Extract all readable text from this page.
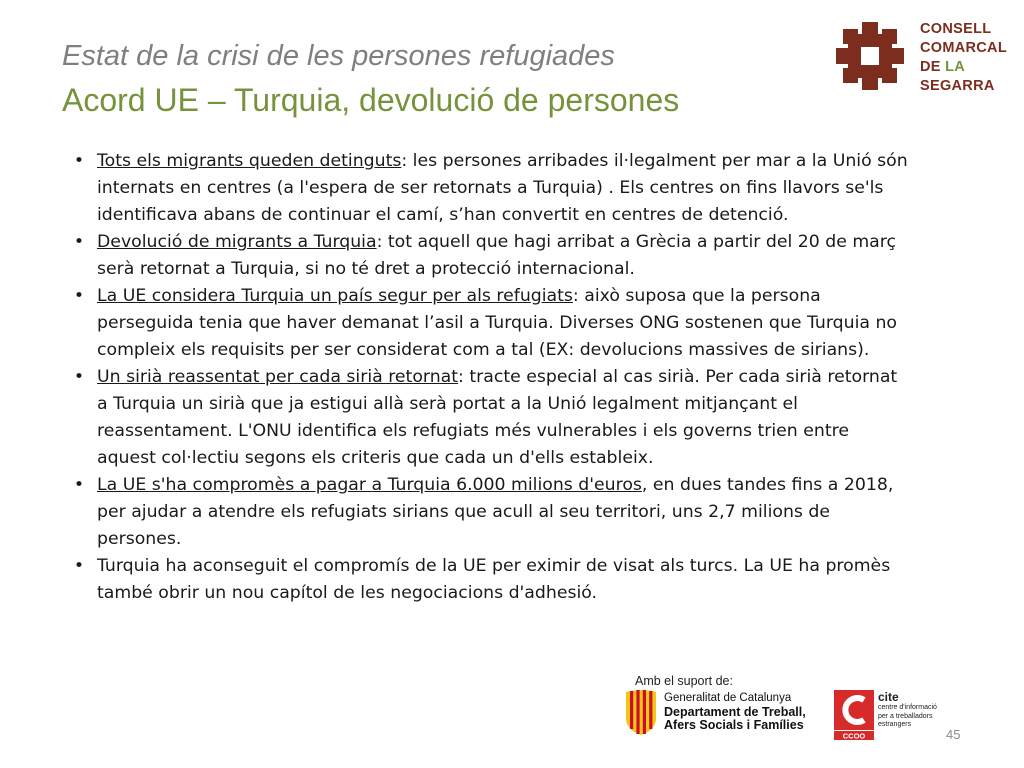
Estat de la crisi de les persones refugiades
Acord UE – Turquia, devolució de persones
CONSELL
COMARCAL
DE LA
SEGARRA
• Tots els migrants queden detinguts: les persones arribades il·legalment per mar a la Unió són internats en centres (a l'espera de ser retornats a Turquia) . Els centres on fins llavors se'ls identificava abans de continuar el camí, s’han convertit en centres de detenció.
• Devolució de migrants a Turquia: tot aquell que hagi arribat a Grècia a partir del 20 de març serà retornat a Turquia, si no té dret a protecció internacional.
• La UE considera Turquia un país segur per als refugiats: això suposa que la persona perseguida tenia que haver demanat l’asil a Turquia. Diverses ONG sostenen que Turquia no compleix els requisits per ser considerat com a tal (EX: devolucions massives de sirians).
• Un sirià reassentat per cada sirià retornat: tracte especial al cas sirià. Per cada sirià retornat a Turquia un sirià que ja estigui allà serà portat a la Unió legalment mitjançant el reassentament. L'ONU identifica els refugiats més vulnerables i els governs trien entre aquest col·lectiu segons els criteris que cada un d'ells estableix.
• La UE s'ha compromès a pagar a Turquia 6.000 milions d'euros, en dues tandes fins a 2018, per ajudar a atendre els refugiats sirians que acull al seu territori, uns 2,7 milions de persones.
• Turquia ha aconseguit el compromís de la UE per eximir de visat als turcs. La UE ha promès també obrir un nou capítol de les negociacions d'adhesió.
Amb el suport de:
Generalitat de Catalunya
Departament de Treball,
Afers Socials i Famílies
CCOO
cite
centre d'informació
per a treballadors
estrangers
45
